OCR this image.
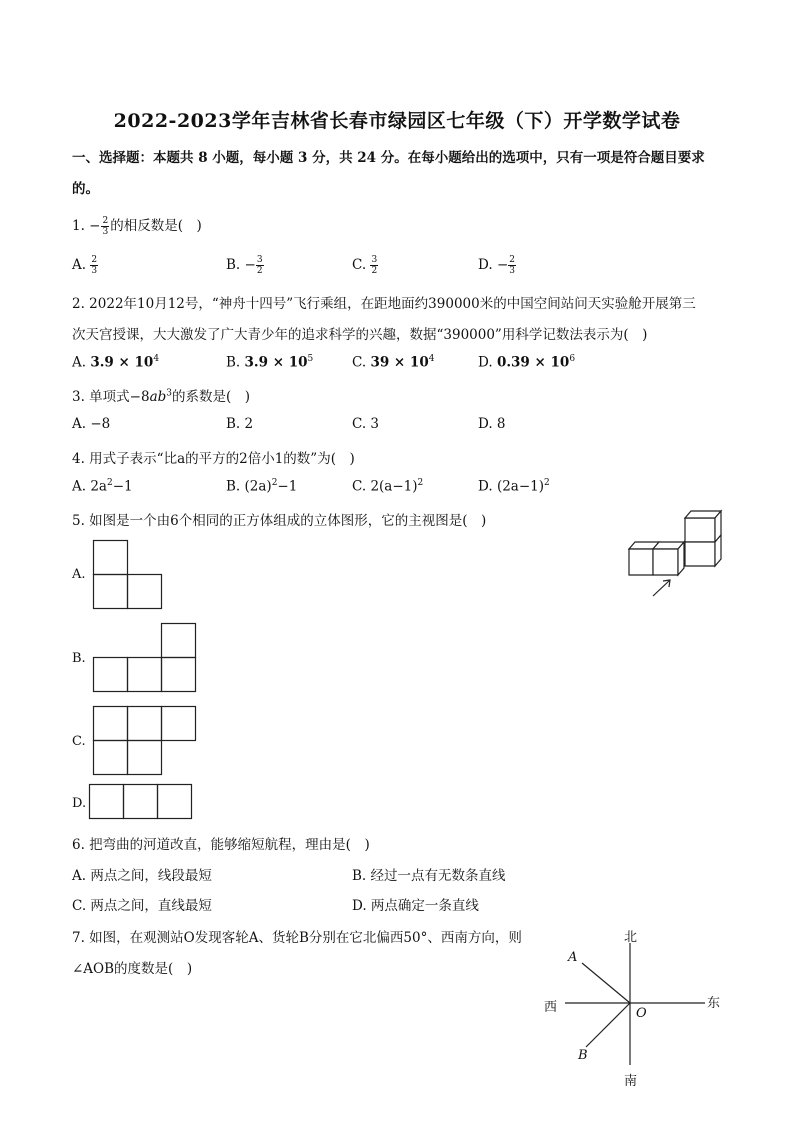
2022-2023学年吉林省长春市绿园区七年级（下）开学数学试卷
一、选择题：本题共 8 小题，每小题 3 分，共 24 分。在每小题给出的选项中，只有一项是符合题目要求
的。
1. − $\frac{2}{3}$ 的相反数是(　)
A. $\frac{2}{3}$	B. − $\frac{3}{2}$	C. $\frac{3}{2}$	D. − $\frac{2}{3}$
2. 2022年10月12号，“神舟十四号”飞行乘组，在距地面约390000米的中国空间站问天实验舱开展第三
次天宫授课，大大激发了广大青少年的追求科学的兴趣，数据“390000”用科学记数法表示为(　)
A. $3.9 \times 10^4$	B. $3.9 \times 10^5$	C. $39 \times 10^4$	D. $0.39 \times 10^6$
3. 单项式$-8ab^3$的系数是(　)
A. −8	B. 2	C. 3	D. 8
4. 用式子表示“比a的平方的2倍小1的数”为(　)
A. $2a^2-1$	B. $(2a)^2-1$	C. $2(a-1)^2$	D. $(2a-1)^2$
5. 如图是一个由6个相同的正方体组成的立体图形，它的主视图是(　)
A.
B.
C.
D.
6. 把弯曲的河道改直，能够缩短航程，理由是(　)
A. 两点之间，线段最短	B. 经过一点有无数条直线
C. 两点之间，直线最短	D. 两点确定一条直线
7. 如图，在观测站O发现客轮A、货轮B分别在它北偏西50°、西南方向，则
∠AOB的度数是(　)
北
南
东
西	O
A
B
